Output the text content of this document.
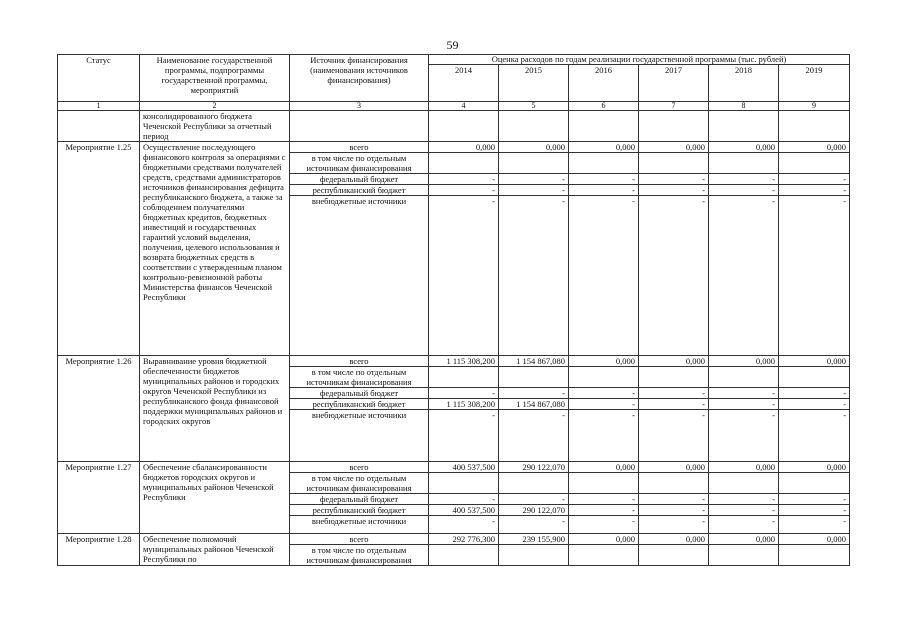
59
Статус	Наименование государственной программы, подпрограммы государственной программы, мероприятий	Источник финансирования (наименования источников финансирования)	Оценка расходов по годам реализации государственной программы (тыс. рублей)					
			2014	2015	2016	2017	2018	2019
1	2	3	4	5	6	7	8	9
	консолидированного бюджета Чеченской Республики за отчетный период							
Мероприятие 1.25	Осуществление последующего финансового контроля за операциями с бюджетными средствами получателей средств, средствами администраторов источников финансирования дефицита республиканского бюджета, а также за соблюдением получателями бюджетных кредитов, бюджетных инвестиций и государственных гарантий условий выделения, получения, целевого использования и возврата бюджетных средств в соответствии с утвержденным планом контрольно-ревизионной работы Министерства финансов Чеченской Республики	всего	0,000	0,000	0,000	0,000	0,000	0,000
		в том числе по отдельным источникам финансирования						
		федеральный бюджет	-	-	-	-	-	-
		республиканский бюджет	-	-	-	-	-	-
		внебюджетные источники	-	-	-	-	-	-
Мероприятие 1.26	Выравнивание уровня бюджетной обеспеченности бюджетов муниципальных районов и городских округов Чеченской Республики из республиканского фонда финансовой поддержки муниципальных районов и городских округов	всего	1 115 308,200	1 154 867,080	0,000	0,000	0,000	0,000
		в том числе по отдельным источникам финансирования						
		федеральный бюджет	-	-	-	-	-	-
		республиканский бюджет	1 115 308,200	1 154 867,080	-	-	-	-
		внебюджетные источники	-	-	-	-	-	-
Мероприятие 1.27	Обеспечение сбалансированности бюджетов городских округов и муниципальных районов Чеченской Республики	всего	400 537,500	290 122,070	0,000	0,000	0,000	0,000
		в том числе по отдельным источникам финансирования						
		федеральный бюджет	-	-	-	-	-	-
		республиканский бюджет	400 537,500	290 122,070	-	-	-	-
		внебюджетные источники	-	-	-	-	-	-
Мероприятие 1.28	Обеспечение полномочий муниципальных районов Чеченской Республики по	всего	292 776,300	239 155,900	0,000	0,000	0,000	0,000
		в том числе по отдельным источникам финансирования						
